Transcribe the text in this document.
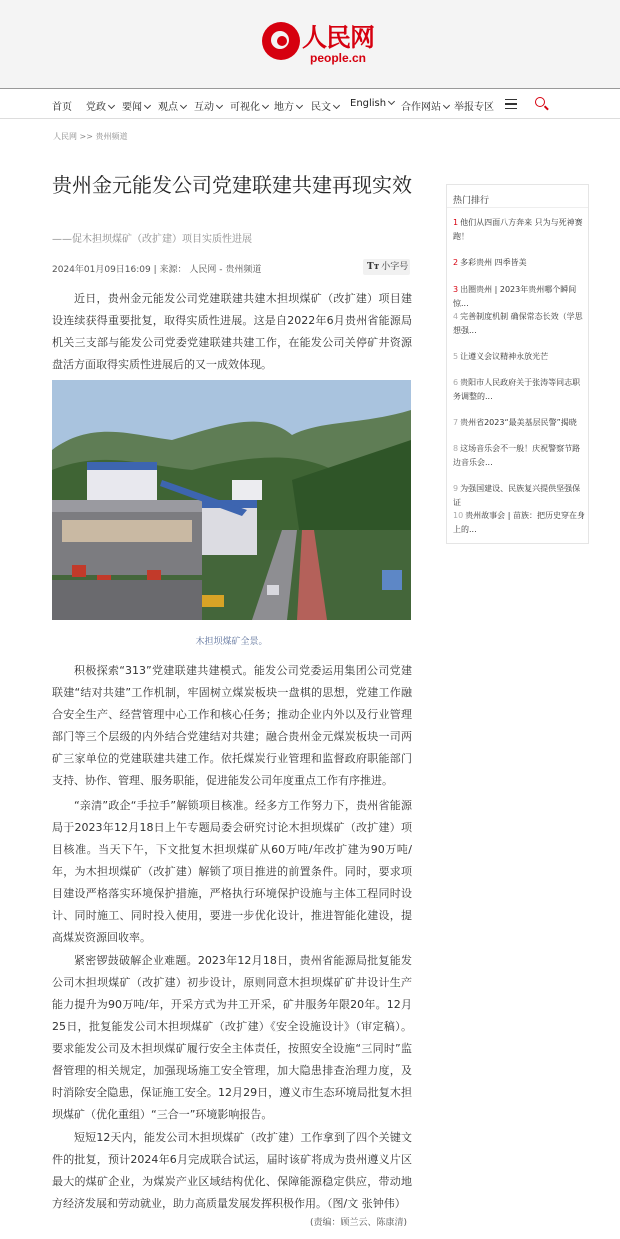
人民网
people.cn
首页 党政	要闻	观点	互动	可视化	地方	民文	English	合作网站	举报专区
人民网 >> 贵州频道
贵州金元能发公司党建联建共建再现实效
——促木担坝煤矿（改扩建）项目实质性进展
2024年01月09日16:09 | 来源： 人民网 - 贵州频道	Tт 小字号

近日，贵州金元能发公司党建联建共建木担坝煤矿（改扩建）项目建设连续获得重要批复，取得实质性进展。这是自2022年6月贵州省能源局机关三支部与能发公司党委党建联建共建工作，在能发公司关停矿井资源盘活方面取得实质性进展后的又一成效体现。

木担坝煤矿全景。

积极探索“313”党建联建共建模式。能发公司党委运用集团公司党建联建“结对共建”工作机制，牢固树立煤炭板块一盘棋的思想，党建工作融合安全生产、经营管理中心工作和核心任务；推动企业内外以及行业管理部门等三个层级的内外结合党建结对共建；融合贵州金元煤炭板块一司两矿三家单位的党建联建共建工作。依托煤炭行业管理和监督政府职能部门支持、协作、管理、服务职能，促进能发公司年度重点工作有序推进。

“亲清”政企“手拉手”解锁项目核准。经多方工作努力下，贵州省能源局于2023年12月18日上午专题局委会研究讨论木担坝煤矿（改扩建）项目核准。当天下午，下文批复木担坝煤矿从60万吨/年改扩建为90万吨/年，为木担坝煤矿（改扩建）解锁了项目推进的前置条件。同时，要求项目建设严格落实环境保护措施，严格执行环境保护设施与主体工程同时设计、同时施工、同时投入使用，要进一步优化设计，推进智能化建设，提高煤炭资源回收率。

紧密锣鼓破解企业难题。2023年12月18日，贵州省能源局批复能发公司木担坝煤矿（改扩建）初步设计，原则同意木担坝煤矿矿井设计生产能力提升为90万吨/年，开采方式为井工开采，矿井服务年限20年。12月25日，批复能发公司木担坝煤矿（改扩建）《安全设施设计》（审定稿）。要求能发公司及木担坝煤矿履行安全主体责任，按照安全设施“三同时”监督管理的相关规定，加强现场施工安全管理，加大隐患排查治理力度，及时消除安全隐患，保证施工安全。12月29日，遵义市生态环境局批复木担坝煤矿（优化重组）“三合一”环境影响报告。

短短12天内，能发公司木担坝煤矿（改扩建）工作拿到了四个关键文件的批复，预计2024年6月完成联合试运，届时该矿将成为贵州遵义片区最大的煤矿企业，为煤炭产业区域结构优化、保障能源稳定供应，带动地方经济发展和劳动就业，助力高质量发展发挥积极作用。（图/文 张钟伟）

(责编：顾兰云、陈康清)
热门排行
1 他们从四面八方奔来 只为与死神赛跑！
2 多彩贵州 四季皆美
3 出圈贵州 | 2023年贵州哪个瞬间惊...
4 完善制度机制 确保常态长效（学思想强...
5 让遵义会议精神永放光芒
6 贵阳市人民政府关于张涛等同志职务调整的...
7 贵州省2023“最美基层民警”揭晓
8 这场音乐会不一般！庆祝警察节路边音乐会...
9 为强国建设、民族复兴提供坚强保证
10 贵州故事会 | 苗族：把历史穿在身上的...
